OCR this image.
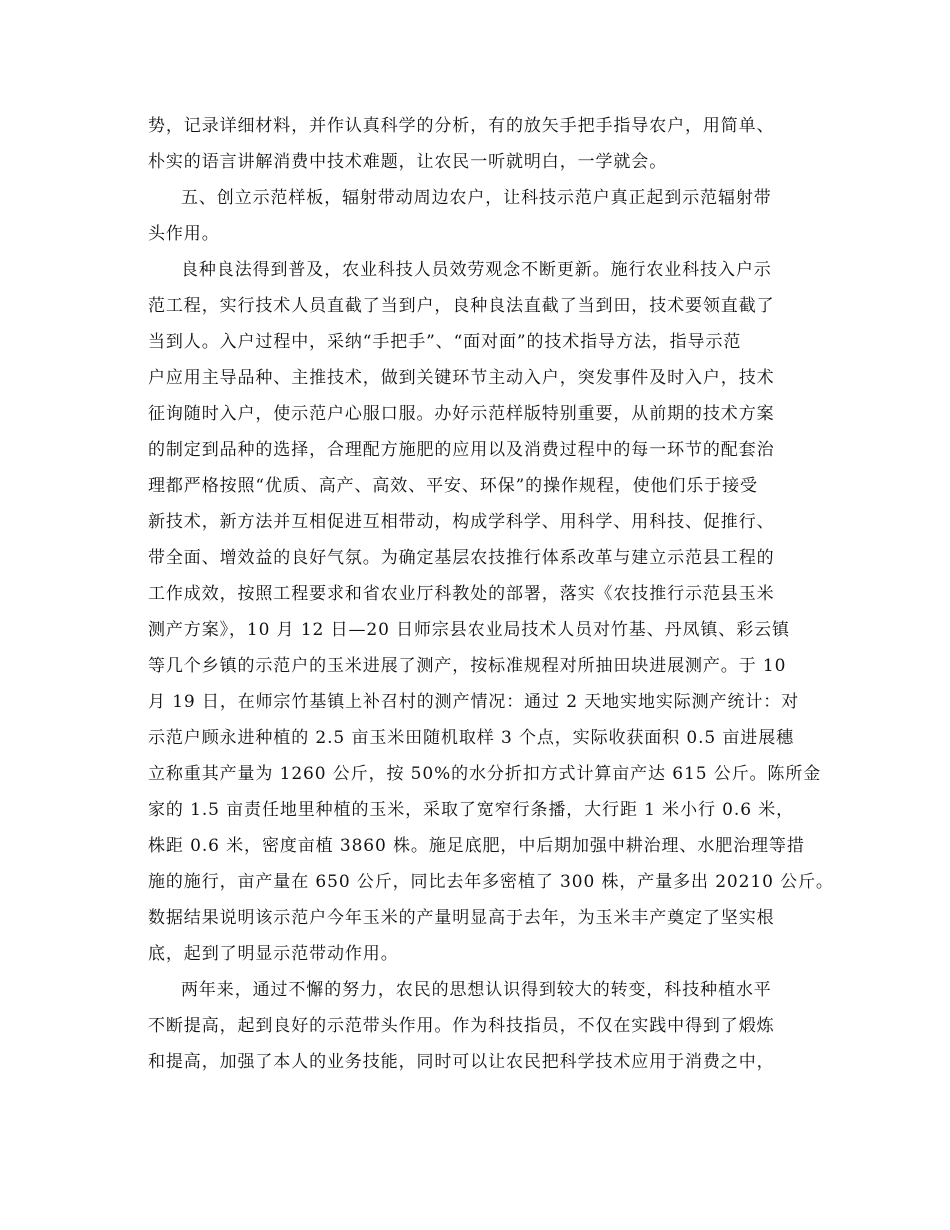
势，记录详细材料，并作认真科学的分析，有的放矢手把手指导农户，用简单、
朴实的语言讲解消费中技术难题，让农民一听就明白，一学就会。
五、创立示范样板，辐射带动周边农户，让科技示范户真正起到示范辐射带
头作用。
良种良法得到普及，农业科技人员效劳观念不断更新。施行农业科技入户示
范工程，实行技术人员直截了当到户，良种良法直截了当到田，技术要领直截了
当到人。入户过程中，采纳“手把手”、“面对面”的技术指导方法，指导示范
户应用主导品种、主推技术，做到关键环节主动入户，突发事件及时入户，技术
征询随时入户，使示范户心服口服。办好示范样版特别重要，从前期的技术方案
的制定到品种的选择，合理配方施肥的应用以及消费过程中的每一环节的配套治
理都严格按照“优质、高产、高效、平安、环保”的操作规程，使他们乐于接受
新技术，新方法并互相促进互相带动，构成学科学、用科学、用科技、促推行、
带全面、增效益的良好气氛。为确定基层农技推行体系改革与建立示范县工程的
工作成效，按照工程要求和省农业厅科教处的部署，落实《农技推行示范县玉米
测产方案》，10 月 12 日—20 日师宗县农业局技术人员对竹基、丹凤镇、彩云镇
等几个乡镇的示范户的玉米进展了测产，按标准规程对所抽田块进展测产。于 10
月 19 日，在师宗竹基镇上补召村的测产情况：通过 2 天地实地实际测产统计：对
示范户顾永进种植的 2.5 亩玉米田随机取样 3 个点，实际收获面积 0.5 亩进展穗
立称重其产量为 1260 公斤，按 50%的水分折扣方式计算亩产达 615 公斤。陈所金
家的 1.5 亩责任地里种植的玉米，采取了宽窄行条播，大行距 1 米小行 0.6 米，
株距 0.6 米，密度亩植 3860 株。施足底肥，中后期加强中耕治理、水肥治理等措
施的施行，亩产量在 650 公斤，同比去年多密植了 300 株，产量多出 20210 公斤。
数据结果说明该示范户今年玉米的产量明显高于去年，为玉米丰产奠定了坚实根
底，起到了明显示范带动作用。
两年来，通过不懈的努力，农民的思想认识得到较大的转变，科技种植水平
不断提高，起到良好的示范带头作用。作为科技指员，不仅在实践中得到了煅炼
和提高，加强了本人的业务技能，同时可以让农民把科学技术应用于消费之中，
